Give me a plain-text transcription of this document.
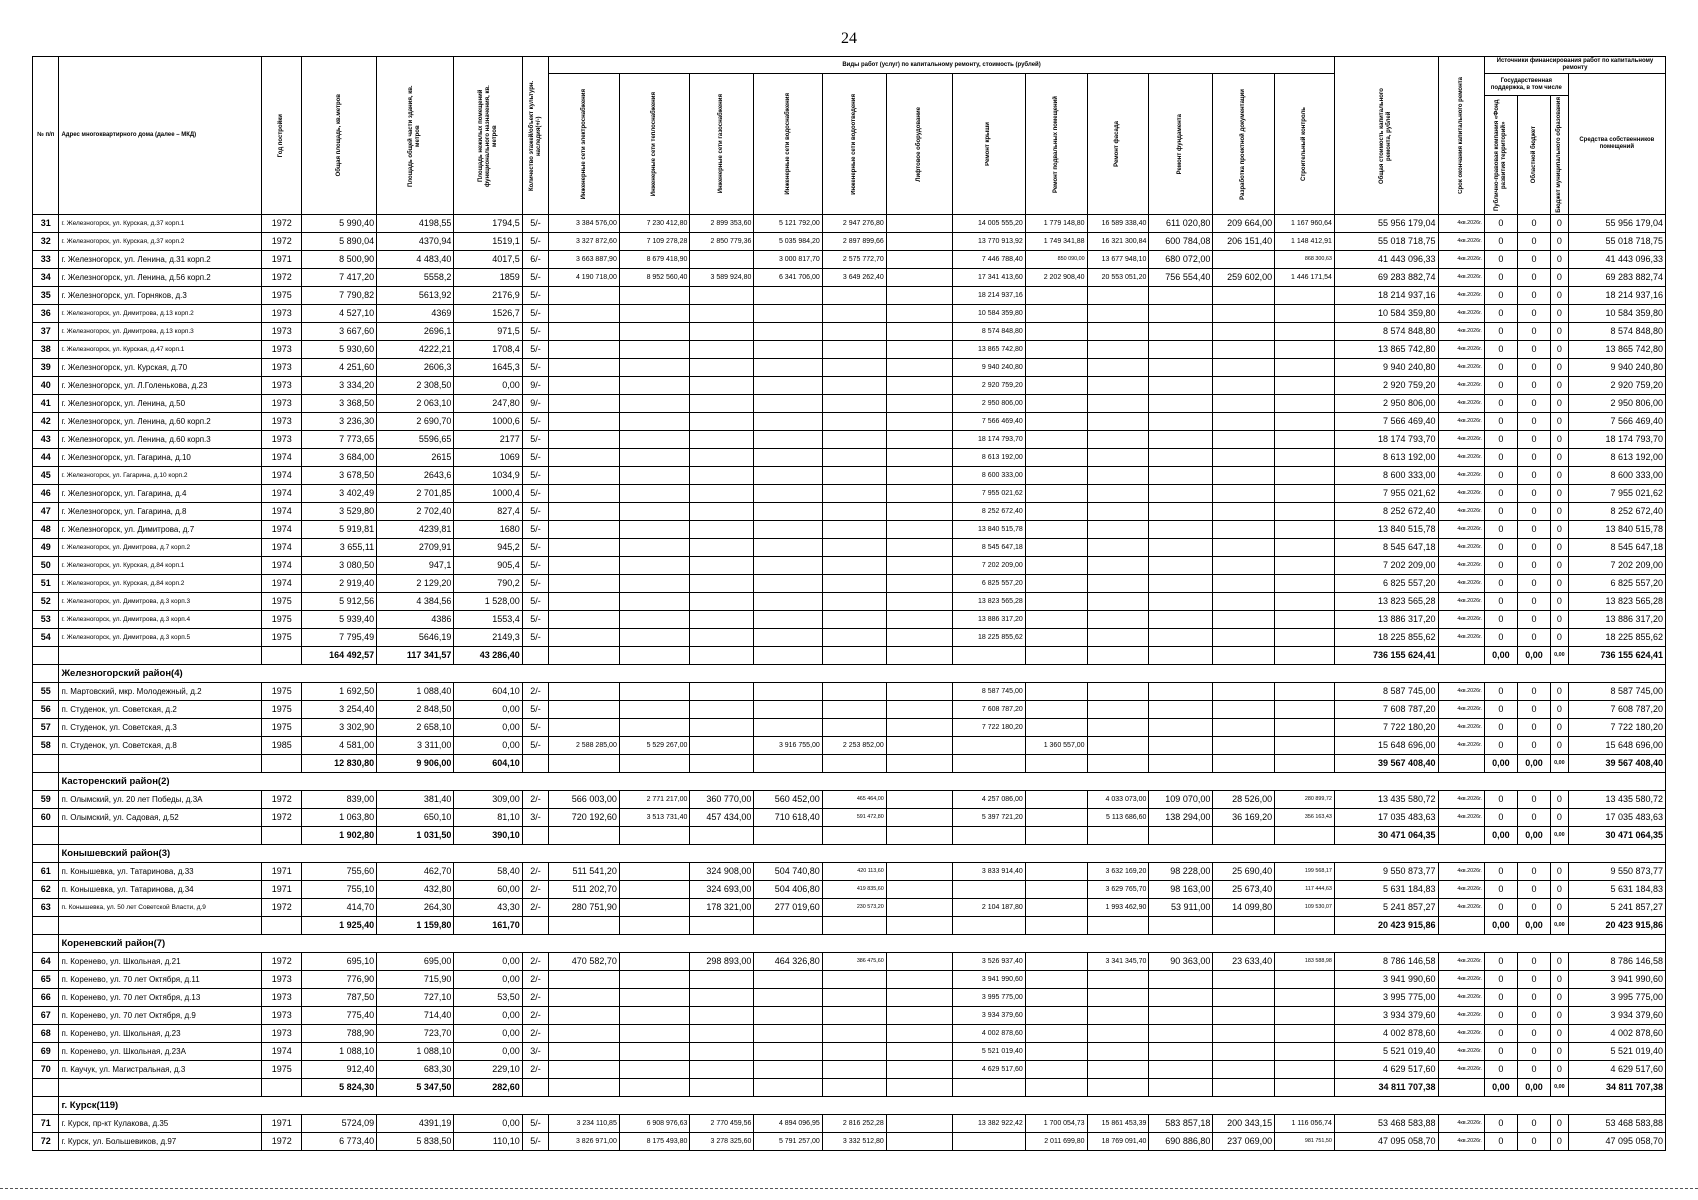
24
№ п/п	Адрес многоквартирного дома (далее – МКД)	Год постройки	Общая площадь, кв.метров	Площадь общей части здания, кв. метров	Площадь нежилых помещений функционального назначения, кв. метров	Количество этажей/объект культурн. наследия(+/-)	Виды работ (услуг) по капитальному ремонту, стоимость (рублей)												Общая стоимость капитального ремонта, рублей	Срок окончания капитального ремонта	Источники финансирования работ по капитальному ремонту			

							Инженерные сети электроснабжения	Инженерные сети теплоснабжения	Инженерные сети газоснабжения	Инженерные сети водоснабжения	Инженерные сети водоотведения	Лифтовое оборудование	Ремонт крыши	Ремонт подвальных помещений	Ремонт фасада	Ремонт фундамента	Разработка проектной документации	Строительный контроль			Государственная поддержка, в том числе			Средства собственников помещений

																					Публично-правовая компания «Фонд развития территорий»	Областной бюджет	Бюджет муниципального образования	

31	г. Железногорск, ул. Курская, д.37 корп.1	1972	5 990,40	4198,55	1794,5	5/-	3 384 576,00	7 230 412,80	2 899 353,60	5 121 792,00	2 947 276,80		14 005 555,20	1 779 148,80	16 589 338,40	611 020,80	209 664,00	1 167 960,64	55 956 179,04	4кв.2026г.	0	0	0	55 956 179,04
32	г. Железногорск, ул. Курская, д.37 корп.2	1972	5 890,04	4370,94	1519,1	5/-	3 327 872,60	7 109 278,28	2 850 779,36	5 035 984,20	2 897 899,66		13 770 913,92	1 749 341,88	16 321 300,84	600 784,08	206 151,40	1 148 412,91	55 018 718,75	4кв.2026г.	0	0	0	55 018 718,75
33	г. Железногорск, ул. Ленина, д.31 корп.2	1971	8 500,90	4 483,40	4017,5	6/-	3 663 887,90	8 679 418,90		3 000 817,70	2 575 772,70		7 446 788,40	850 090,00	13 677 948,10	680 072,00		868 300,63	41 443 096,33	4кв.2026г.	0	0	0	41 443 096,33
34	г. Железногорск, ул. Ленина, д.56 корп.2	1972	7 417,20	5558,2	1859	5/-	4 190 718,00	8 952 560,40	3 589 924,80	6 341 706,00	3 649 262,40		17 341 413,60	2 202 908,40	20 553 051,20	756 554,40	259 602,00	1 446 171,54	69 283 882,74	4кв.2026г.	0	0	0	69 283 882,74
35	г. Железногорск, ул. Горняков, д.3	1975	7 790,82	5613,92	2176,9	5/-							18 214 937,16						18 214 937,16	4кв.2026г.	0	0	0	18 214 937,16
36	г. Железногорск, ул. Димитрова, д.13 корп.2	1973	4 527,10	4369	1526,7	5/-							10 584 359,80						10 584 359,80	4кв.2026г.	0	0	0	10 584 359,80
37	г. Железногорск, ул. Димитрова, д.13 корп.3	1973	3 667,60	2696,1	971,5	5/-							8 574 848,80						8 574 848,80	4кв.2026г.	0	0	0	8 574 848,80
38	г. Железногорск, ул. Курская, д.47 корп.1	1973	5 930,60	4222,21	1708,4	5/-							13 865 742,80						13 865 742,80	4кв.2026г.	0	0	0	13 865 742,80
39	г. Железногорск, ул. Курская, д.70	1973	4 251,60	2606,3	1645,3	5/-							9 940 240,80						9 940 240,80	4кв.2026г.	0	0	0	9 940 240,80
40	г. Железногорск, ул. Л.Голенькова, д.23	1973	3 334,20	2 308,50	0,00	9/-							2 920 759,20						2 920 759,20	4кв.2026г.	0	0	0	2 920 759,20
41	г. Железногорск, ул. Ленина, д.50	1973	3 368,50	2 063,10	247,80	9/-							2 950 806,00						2 950 806,00	4кв.2026г.	0	0	0	2 950 806,00
42	г. Железногорск, ул. Ленина, д.60 корп.2	1973	3 236,30	2 690,70	1000,6	5/-							7 566 469,40						7 566 469,40	4кв.2026г.	0	0	0	7 566 469,40
43	г. Железногорск, ул. Ленина, д.60 корп.3	1973	7 773,65	5596,65	2177	5/-							18 174 793,70						18 174 793,70	4кв.2026г.	0	0	0	18 174 793,70
44	г. Железногорск, ул. Гагарина, д.10	1974	3 684,00	2615	1069	5/-							8 613 192,00						8 613 192,00	4кв.2026г.	0	0	0	8 613 192,00
45	г. Железногорск, ул. Гагарина, д.10 корп.2	1974	3 678,50	2643,6	1034,9	5/-							8 600 333,00						8 600 333,00	4кв.2026г.	0	0	0	8 600 333,00
46	г. Железногорск, ул. Гагарина, д.4	1974	3 402,49	2 701,85	1000,4	5/-							7 955 021,62						7 955 021,62	4кв.2026г.	0	0	0	7 955 021,62
47	г. Железногорск, ул. Гагарина, д.8	1974	3 529,80	2 702,40	827,4	5/-							8 252 672,40						8 252 672,40	4кв.2026г.	0	0	0	8 252 672,40
48	г. Железногорск, ул. Димитрова, д.7	1974	5 919,81	4239,81	1680	5/-							13 840 515,78						13 840 515,78	4кв.2026г.	0	0	0	13 840 515,78
49	г. Железногорск, ул. Димитрова, д.7 корп.2	1974	3 655,11	2709,91	945,2	5/-							8 545 647,18						8 545 647,18	4кв.2026г.	0	0	0	8 545 647,18
50	г. Железногорск, ул. Курская, д.84 корп.1	1974	3 080,50	947,1	905,4	5/-							7 202 209,00						7 202 209,00	4кв.2026г.	0	0	0	7 202 209,00
51	г. Железногорск, ул. Курская, д.84 корп.2	1974	2 919,40	2 129,20	790,2	5/-							6 825 557,20						6 825 557,20	4кв.2026г.	0	0	0	6 825 557,20
52	г. Железногорск, ул. Димитрова, д.3 корп.3	1975	5 912,56	4 384,56	1 528,00	5/-							13 823 565,28						13 823 565,28	4кв.2026г.	0	0	0	13 823 565,28
53	г. Железногорск, ул. Димитрова, д.3 корп.4	1975	5 939,40	4386	1553,4	5/-							13 886 317,20						13 886 317,20	4кв.2026г.	0	0	0	13 886 317,20
54	г. Железногорск, ул. Димитрова, д.3 корп.5	1975	7 795,49	5646,19	2149,3	5/-							18 225 855,62						18 225 855,62	4кв.2026г.	0	0	0	18 225 855,62
			164 492,57	117 341,57	43 286,40														736 155 624,41		0,00	0,00	0,00	736 155 624,41
	Железногорский район(4)																							
55	п. Мартовский, мкр. Молодежный, д.2	1975	1 692,50	1 088,40	604,10	2/-							8 587 745,00						8 587 745,00	4кв.2026г.	0	0	0	8 587 745,00
56	п. Студенок, ул. Советская, д.2	1975	3 254,40	2 848,50	0,00	5/-							7 608 787,20						7 608 787,20	4кв.2026г.	0	0	0	7 608 787,20
57	п. Студенок, ул. Советская, д.3	1975	3 302,90	2 658,10	0,00	5/-							7 722 180,20						7 722 180,20	4кв.2026г.	0	0	0	7 722 180,20
58	п. Студенок, ул. Советская, д.8	1985	4 581,00	3 311,00	0,00	5/-	2 588 285,00	5 529 267,00		3 916 755,00	2 253 852,00			1 360 557,00					15 648 696,00	4кв.2026г.	0	0	0	15 648 696,00
			12 830,80	9 906,00	604,10														39 567 408,40		0,00	0,00	0,00	39 567 408,40
	Касторенский район(2)																							
59	п. Олымский, ул. 20 лет Победы, д.3А	1972	839,00	381,40	309,00	2/-	566 003,00	2 771 217,00	360 770,00	560 452,00	465 464,00		4 257 086,00		4 033 073,00	109 070,00	28 526,00	280 899,72	13 435 580,72	4кв.2026г.	0	0	0	13 435 580,72
60	п. Олымский, ул. Садовая, д.52	1972	1 063,80	650,10	81,10	3/-	720 192,60	3 513 731,40	457 434,00	710 618,40	591 472,80		5 397 721,20		5 113 686,60	138 294,00	36 169,20	356 163,43	17 035 483,63	4кв.2026г.	0	0	0	17 035 483,63
			1 902,80	1 031,50	390,10														30 471 064,35		0,00	0,00	0,00	30 471 064,35
	Конышевский район(3)																							
61	п. Конышевка, ул. Татаринова, д.33	1971	755,60	462,70	58,40	2/-	511 541,20		324 908,00	504 740,80	420 113,60		3 833 914,40		3 632 169,20	98 228,00	25 690,40	199 568,17	9 550 873,77	4кв.2026г.	0	0	0	9 550 873,77
62	п. Конышевка, ул. Татаринова, д.34	1971	755,10	432,80	60,00	2/-	511 202,70		324 693,00	504 406,80	419 835,60				3 629 765,70	98 163,00	25 673,40	117 444,63	5 631 184,83	4кв.2026г.	0	0	0	5 631 184,83
63	п. Конышевка, ул. 50 лет Советской Власти, д.9	1972	414,70	264,30	43,30	2/-	280 751,90		178 321,00	277 019,60	230 573,20		2 104 187,80		1 993 462,90	53 911,00	14 099,80	109 530,07	5 241 857,27	4кв.2026г.	0	0	0	5 241 857,27
			1 925,40	1 159,80	161,70														20 423 915,86		0,00	0,00	0,00	20 423 915,86
	Кореневский район(7)																							
64	п. Коренево, ул. Школьная, д.21	1972	695,10	695,00	0,00	2/-	470 582,70		298 893,00	464 326,80	386 475,60		3 526 937,40		3 341 345,70	90 363,00	23 633,40	183 588,98	8 786 146,58	4кв.2026г.	0	0	0	8 786 146,58
65	п. Коренево, ул. 70 лет Октября, д.11	1973	776,90	715,90	0,00	2/-							3 941 990,60						3 941 990,60	4кв.2026г.	0	0	0	3 941 990,60
66	п. Коренево, ул. 70 лет Октября, д.13	1973	787,50	727,10	53,50	2/-							3 995 775,00						3 995 775,00	4кв.2026г.	0	0	0	3 995 775,00
67	п. Коренево, ул. 70 лет Октября, д.9	1973	775,40	714,40	0,00	2/-							3 934 379,60						3 934 379,60	4кв.2026г.	0	0	0	3 934 379,60
68	п. Коренево, ул. Школьная, д.23	1973	788,90	723,70	0,00	2/-							4 002 878,60						4 002 878,60	4кв.2026г.	0	0	0	4 002 878,60
69	п. Коренево, ул. Школьная, д.23А	1974	1 088,10	1 088,10	0,00	3/-							5 521 019,40						5 521 019,40	4кв.2026г.	0	0	0	5 521 019,40
70	п. Каучук, ул. Магистральная, д.3	1975	912,40	683,30	229,10	2/-							4 629 517,60						4 629 517,60	4кв.2026г.	0	0	0	4 629 517,60
			5 824,30	5 347,50	282,60														34 811 707,38		0,00	0,00	0,00	34 811 707,38
	г. Курск(119)																							
71	г. Курск, пр-кт Кулакова, д.35	1971	5724,09	4391,19	0,00	5/-	3 234 110,85	6 908 976,63	2 770 459,56	4 894 096,95	2 816 252,28		13 382 922,42	1 700 054,73	15 861 453,39	583 857,18	200 343,15	1 116 056,74	53 468 583,88	4кв.2026г.	0	0	0	53 468 583,88
72	г. Курск, ул. Большевиков, д.97	1972	6 773,40	5 838,50	110,10	5/-	3 826 971,00	8 175 493,80	3 278 325,60	5 791 257,00	3 332 512,80			2 011 699,80	18 769 091,40	690 886,80	237 069,00	981 751,50	47 095 058,70	4кв.2026г.	0	0	0	47 095 058,70
